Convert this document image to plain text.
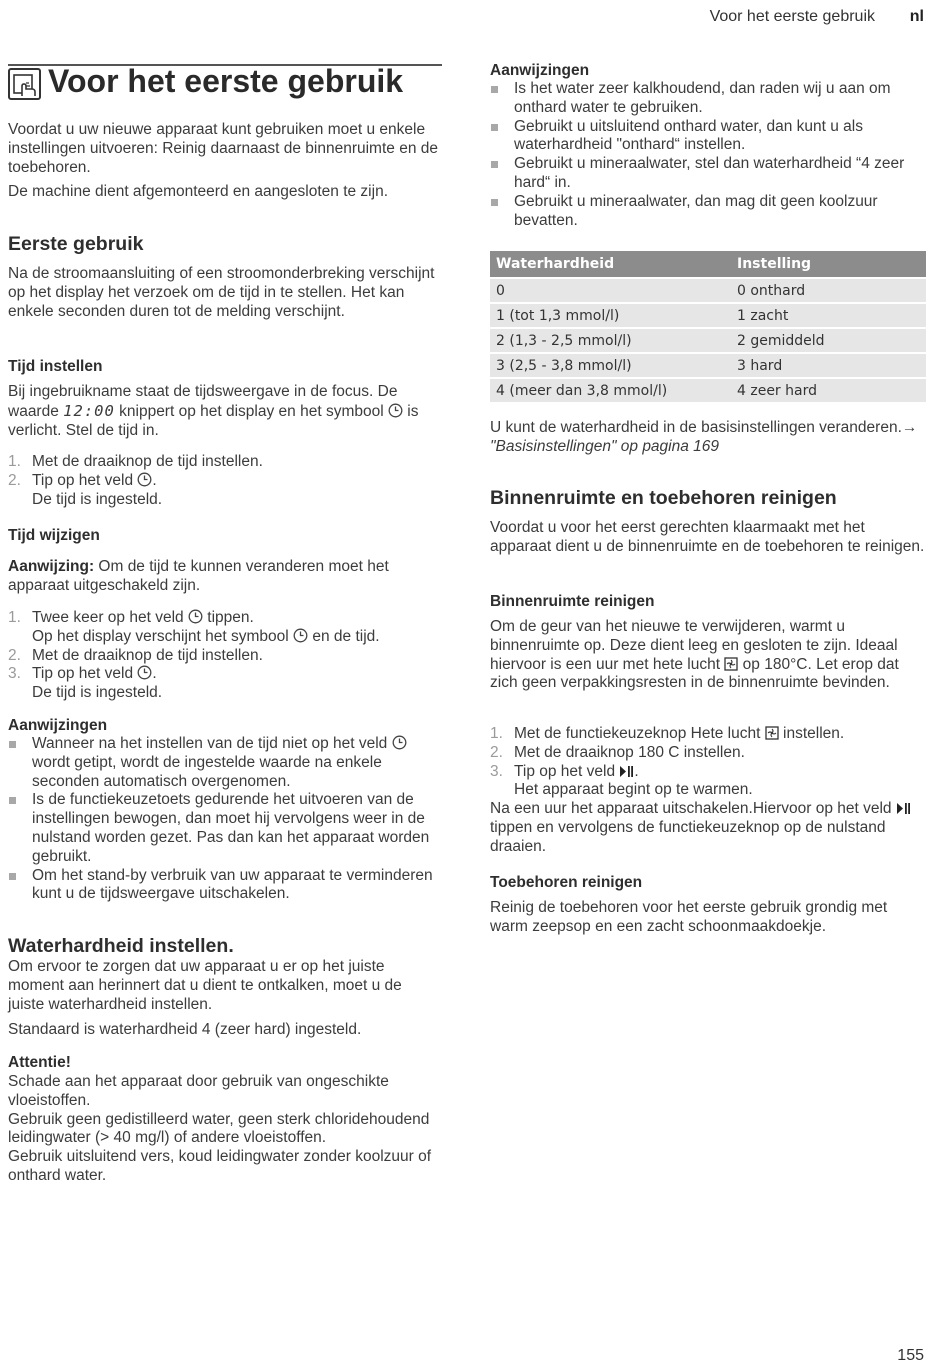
Voor het eerste gebruik nl
Voor het eerste gebruik
Voordat u uw nieuwe apparaat kunt gebruiken moet u enkele instellingen uitvoeren: Reinig daarnaast de binnenruimte en de toebehoren.
De machine dient afgemonteerd en aangesloten te zijn.
Eerste gebruik
Na de stroomaansluiting of een stroomonderbreking verschijnt op het display het verzoek om de tijd in te stellen. Het kan enkele seconden duren tot de melding verschijnt.
Tijd instellen
Bij ingebruikname staat de tijdsweergave in de focus. De waarde 12:00 knippert op het display en het symbool  is verlicht. Stel de tijd in.
1. Met de draaiknop de tijd instellen.
2. Tip op het veld .
De tijd is ingesteld.
Tijd wijzigen
Aanwijzing: Om de tijd te kunnen veranderen moet het apparaat uitgeschakeld zijn.
1. Twee keer op het veld  tippen.
Op het display verschijnt het symbool  en de tijd.
2. Met de draaiknop de tijd instellen.
3. Tip op het veld .
De tijd is ingesteld.
Aanwijzingen
Wanneer na het instellen van de tijd niet op het veld  wordt getipt, wordt de ingestelde waarde na enkele seconden automatisch overgenomen.
Is de functiekeuzetoets gedurende het uitvoeren van de instellingen bewogen, dan moet hij vervolgens weer in de nulstand worden gezet. Pas dan kan het apparaat worden gebruikt.
Om het stand-by verbruik van uw apparaat te verminderen kunt u de tijdsweergave uitschakelen.
Waterhardheid instellen.
Om ervoor te zorgen dat uw apparaat u er op het juiste moment aan herinnert dat u dient te ontkalken, moet u de juiste waterhardheid instellen.
Standaard is waterhardheid 4 (zeer hard) ingesteld.
Attentie!
Schade aan het apparaat door gebruik van ongeschikte vloeistoffen.
Gebruik geen gedistilleerd water, geen sterk chloridehoudend leidingwater (> 40 mg/l) of andere vloeistoffen.
Gebruik uitsluitend vers, koud leidingwater zonder koolzuur of onthard water.
Aanwijzingen
Is het water zeer kalkhoudend, dan raden wij u aan om onthard water te gebruiken.
Gebruikt u uitsluitend onthard water, dan kunt u als waterhardheid "onthard“ instellen.
Gebruikt u mineraalwater, stel dan waterhardheid “4 zeer hard“ in.
Gebruikt u mineraalwater, dan mag dit geen koolzuur bevatten.
Waterhardheid	Instelling
0	0 onthard
1 (tot 1,3 mmol/l)	1 zacht
2 (1,3 - 2,5 mmol/l)	2 gemiddeld
3 (2,5 - 3,8 mmol/l)	3 hard
4 (meer dan 3,8 mmol/l)	4 zeer hard
U kunt de waterhardheid in de basisinstellingen veranderen.→ "Basisinstellingen" op pagina 169
Binnenruimte en toebehoren reinigen
Voordat u voor het eerst gerechten klaarmaakt met het apparaat dient u de binnenruimte en de toebehoren te reinigen.
Binnenruimte reinigen
Om de geur van het nieuwe te verwijderen, warmt u binnenruimte op. Deze dient leeg en gesloten te zijn. Ideaal hiervoor is een uur met hete lucht  op 180°C. Let erop dat zich geen verpakkingsresten in de binnenruimte bevinden.
1. Met de functiekeuzeknop Hete lucht  instellen.
2. Met de draaiknop 180 C instellen.
3. Tip op het veld .
Het apparaat begint op te warmen.
Na een uur het apparaat uitschakelen.Hiervoor op het veld  tippen en vervolgens de functiekeuzeknop op de nulstand draaien.
Toebehoren reinigen
Reinig de toebehoren voor het eerste gebruik grondig met warm zeepsop en een zacht schoonmaakdoekje.
155
